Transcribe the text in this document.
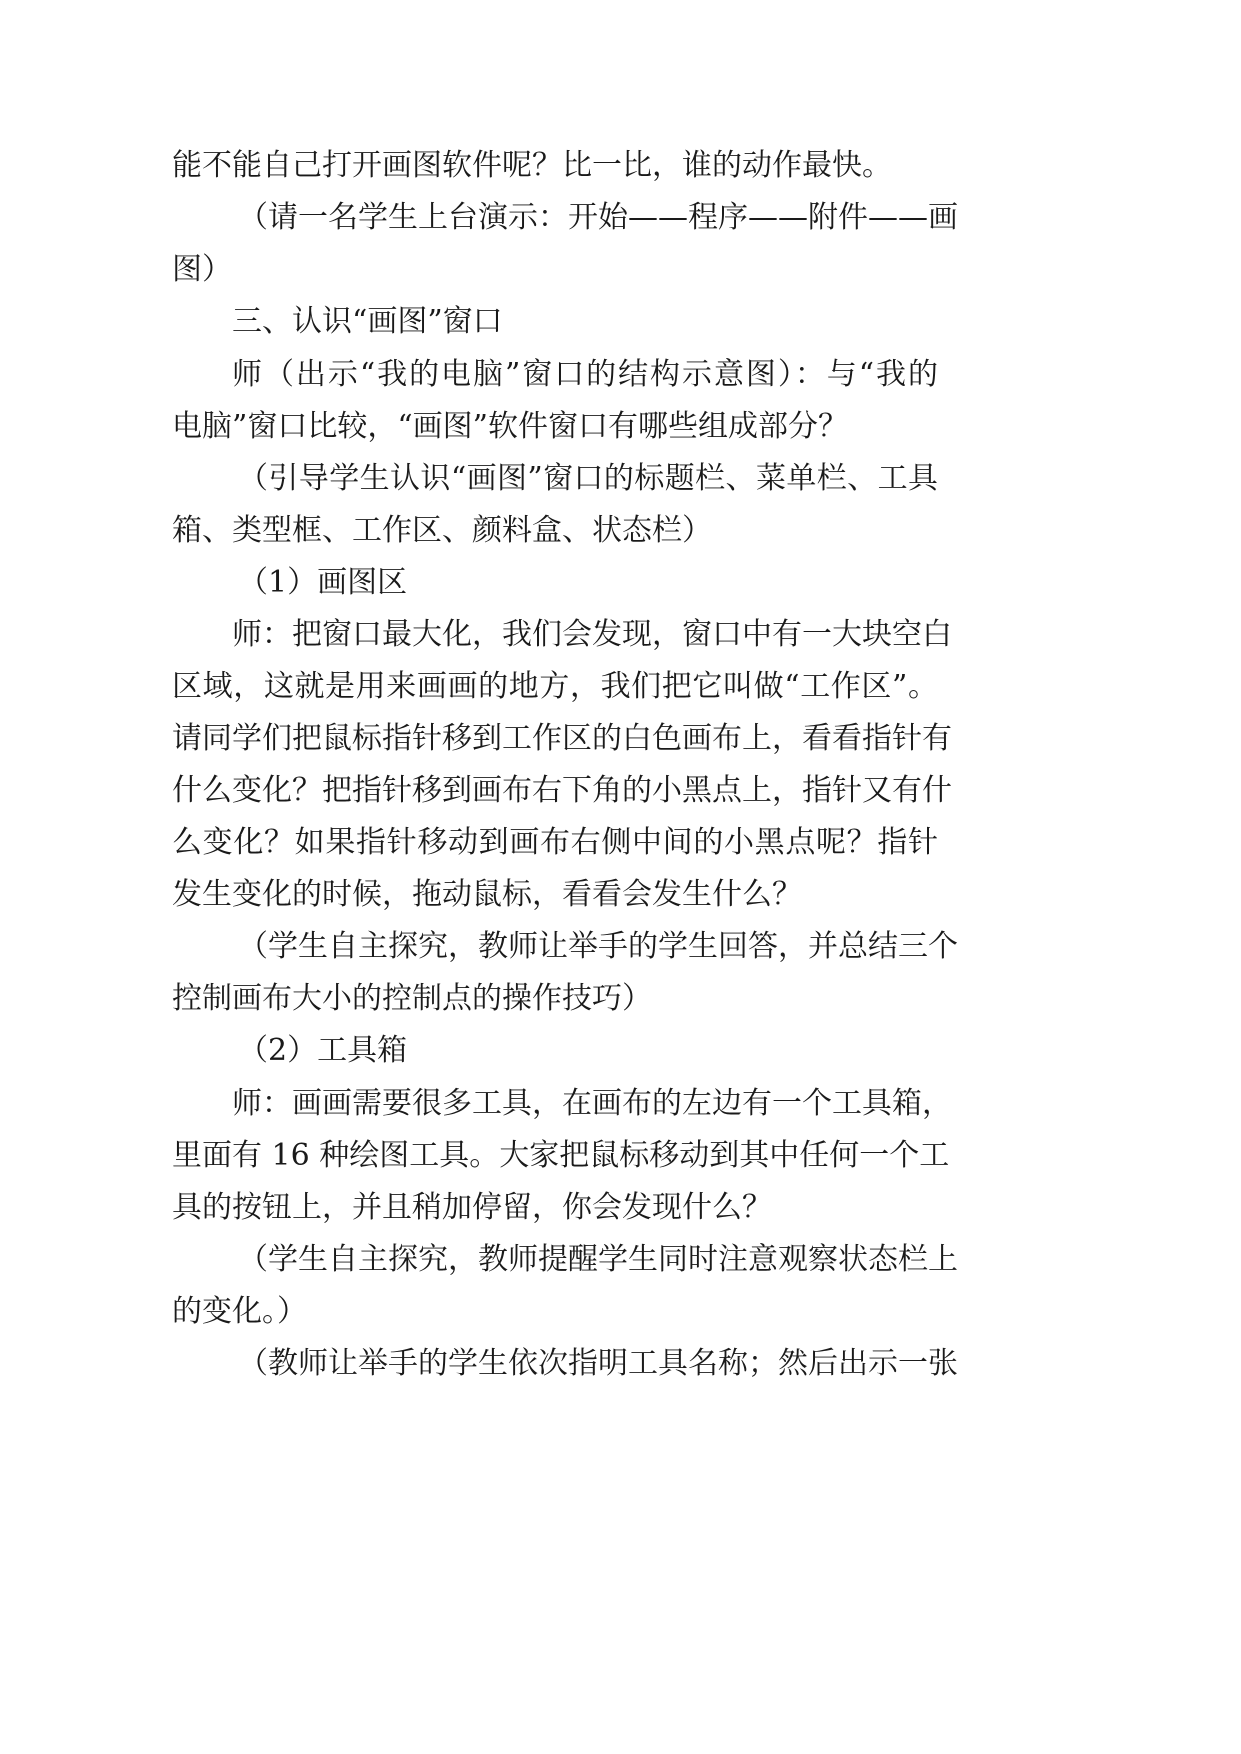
能不能自己打开画图软件呢？比一比，谁的动作最快。

（请一名学生上台演示：开始——程序——附件——画

图）

三、认识“画图”窗口

师（出示“我的电脑”窗口的结构示意图）：与“我的

电脑”窗口比较，“画图”软件窗口有哪些组成部分？

（引导学生认识“画图”窗口的标题栏、菜单栏、工具

箱、类型框、工作区、颜料盒、状态栏）

（1）画图区

师：把窗口最大化，我们会发现，窗口中有一大块空白

区域，这就是用来画画的地方，我们把它叫做“工作区”。

请同学们把鼠标指针移到工作区的白色画布上，看看指针有

什么变化？把指针移到画布右下角的小黑点上，指针又有什

么变化？如果指针移动到画布右侧中间的小黑点呢？指针

发生变化的时候，拖动鼠标，看看会发生什么？

（学生自主探究，教师让举手的学生回答，并总结三个

控制画布大小的控制点的操作技巧）

（2）工具箱

师：画画需要很多工具，在画布的左边有一个工具箱，

里面有 16 种绘图工具。大家把鼠标移动到其中任何一个工

具的按钮上，并且稍加停留，你会发现什么？

（学生自主探究，教师提醒学生同时注意观察状态栏上

的变化。）

（教师让举手的学生依次指明工具名称；然后出示一张
